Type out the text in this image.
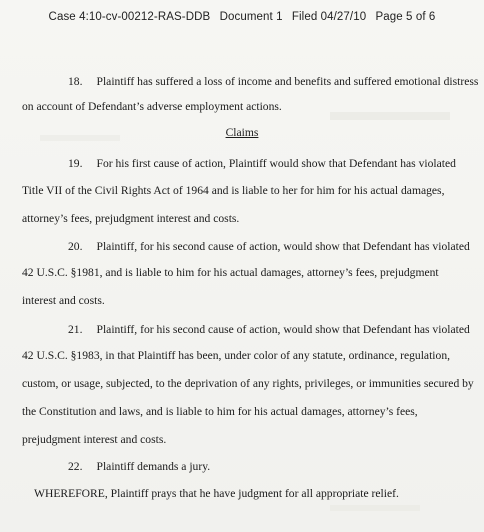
Case 4:10-cv-00212-RAS-DDB Document 1 Filed 04/27/10 Page 5 of 6
18. Plaintiff has suffered a loss of income and benefits and suffered emotional distress
on account of Defendant’s adverse employment actions.
Claims
19. For his first cause of action, Plaintiff would show that Defendant has violated
Title VII of the Civil Rights Act of 1964 and is liable to her for him for his actual damages,
attorney’s fees, prejudgment interest and costs.
20. Plaintiff, for his second cause of action, would show that Defendant has violated
42 U.S.C. §1981, and is liable to him for his actual damages, attorney’s fees, prejudgment
interest and costs.
21. Plaintiff, for his second cause of action, would show that Defendant has violated
42 U.S.C. §1983, in that Plaintiff has been, under color of any statute, ordinance, regulation,
custom, or usage, subjected, to the deprivation of any rights, privileges, or immunities secured by
the Constitution and laws, and is liable to him for his actual damages, attorney’s fees,
prejudgment interest and costs.
22. Plaintiff demands a jury.
WHEREFORE, Plaintiff prays that he have judgment for all appropriate relief.
